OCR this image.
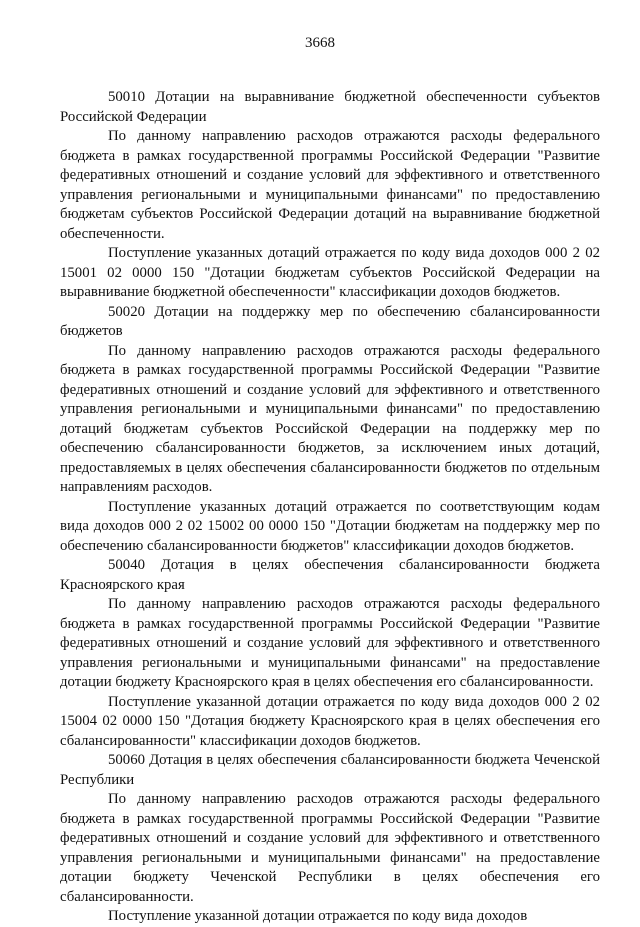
3668

50010 Дотации на выравнивание бюджетной обеспеченности субъектов Российской Федерации

По данному направлению расходов отражаются расходы федерального бюджета в рамках государственной программы Российской Федерации "Развитие федеративных отношений и создание условий для эффективного и ответственного управления региональными и муниципальными финансами" по предоставлению бюджетам субъектов Российской Федерации дотаций на выравнивание бюджетной обеспеченности.

Поступление указанных дотаций отражается по коду вида доходов 000 2 02 15001 02 0000 150 "Дотации бюджетам субъектов Российской Федерации на выравнивание бюджетной обеспеченности" классификации доходов бюджетов.

50020 Дотации на поддержку мер по обеспечению сбалансированности бюджетов

По данному направлению расходов отражаются расходы федерального бюджета в рамках государственной программы Российской Федерации "Развитие федеративных отношений и создание условий для эффективного и ответственного управления региональными и муниципальными финансами" по предоставлению дотаций бюджетам субъектов Российской Федерации на поддержку мер по обеспечению сбалансированности бюджетов, за исключением иных дотаций, предоставляемых в целях обеспечения сбалансированности бюджетов по отдельным направлениям расходов.

Поступление указанных дотаций отражается по соответствующим кодам вида доходов 000 2 02 15002 00 0000 150 "Дотации бюджетам на поддержку мер по обеспечению сбалансированности бюджетов" классификации доходов бюджетов.

50040 Дотация в целях обеспечения сбалансированности бюджета Красноярского края

По данному направлению расходов отражаются расходы федерального бюджета в рамках государственной программы Российской Федерации "Развитие федеративных отношений и создание условий для эффективного и ответственного управления региональными и муниципальными финансами" на предоставление дотации бюджету Красноярского края в целях обеспечения его сбалансированности.

Поступление указанной дотации отражается по коду вида доходов 000 2 02 15004 02 0000 150 "Дотация бюджету Красноярского края в целях обеспечения его сбалансированности" классификации доходов бюджетов.

50060 Дотация в целях обеспечения сбалансированности бюджета Чеченской Республики

По данному направлению расходов отражаются расходы федерального бюджета в рамках государственной программы Российской Федерации "Развитие федеративных отношений и создание условий для эффективного и ответственного управления региональными и муниципальными финансами" на предоставление дотации бюджету Чеченской Республики в целях обеспечения его сбалансированности.

Поступление указанной дотации отражается по коду вида доходов
